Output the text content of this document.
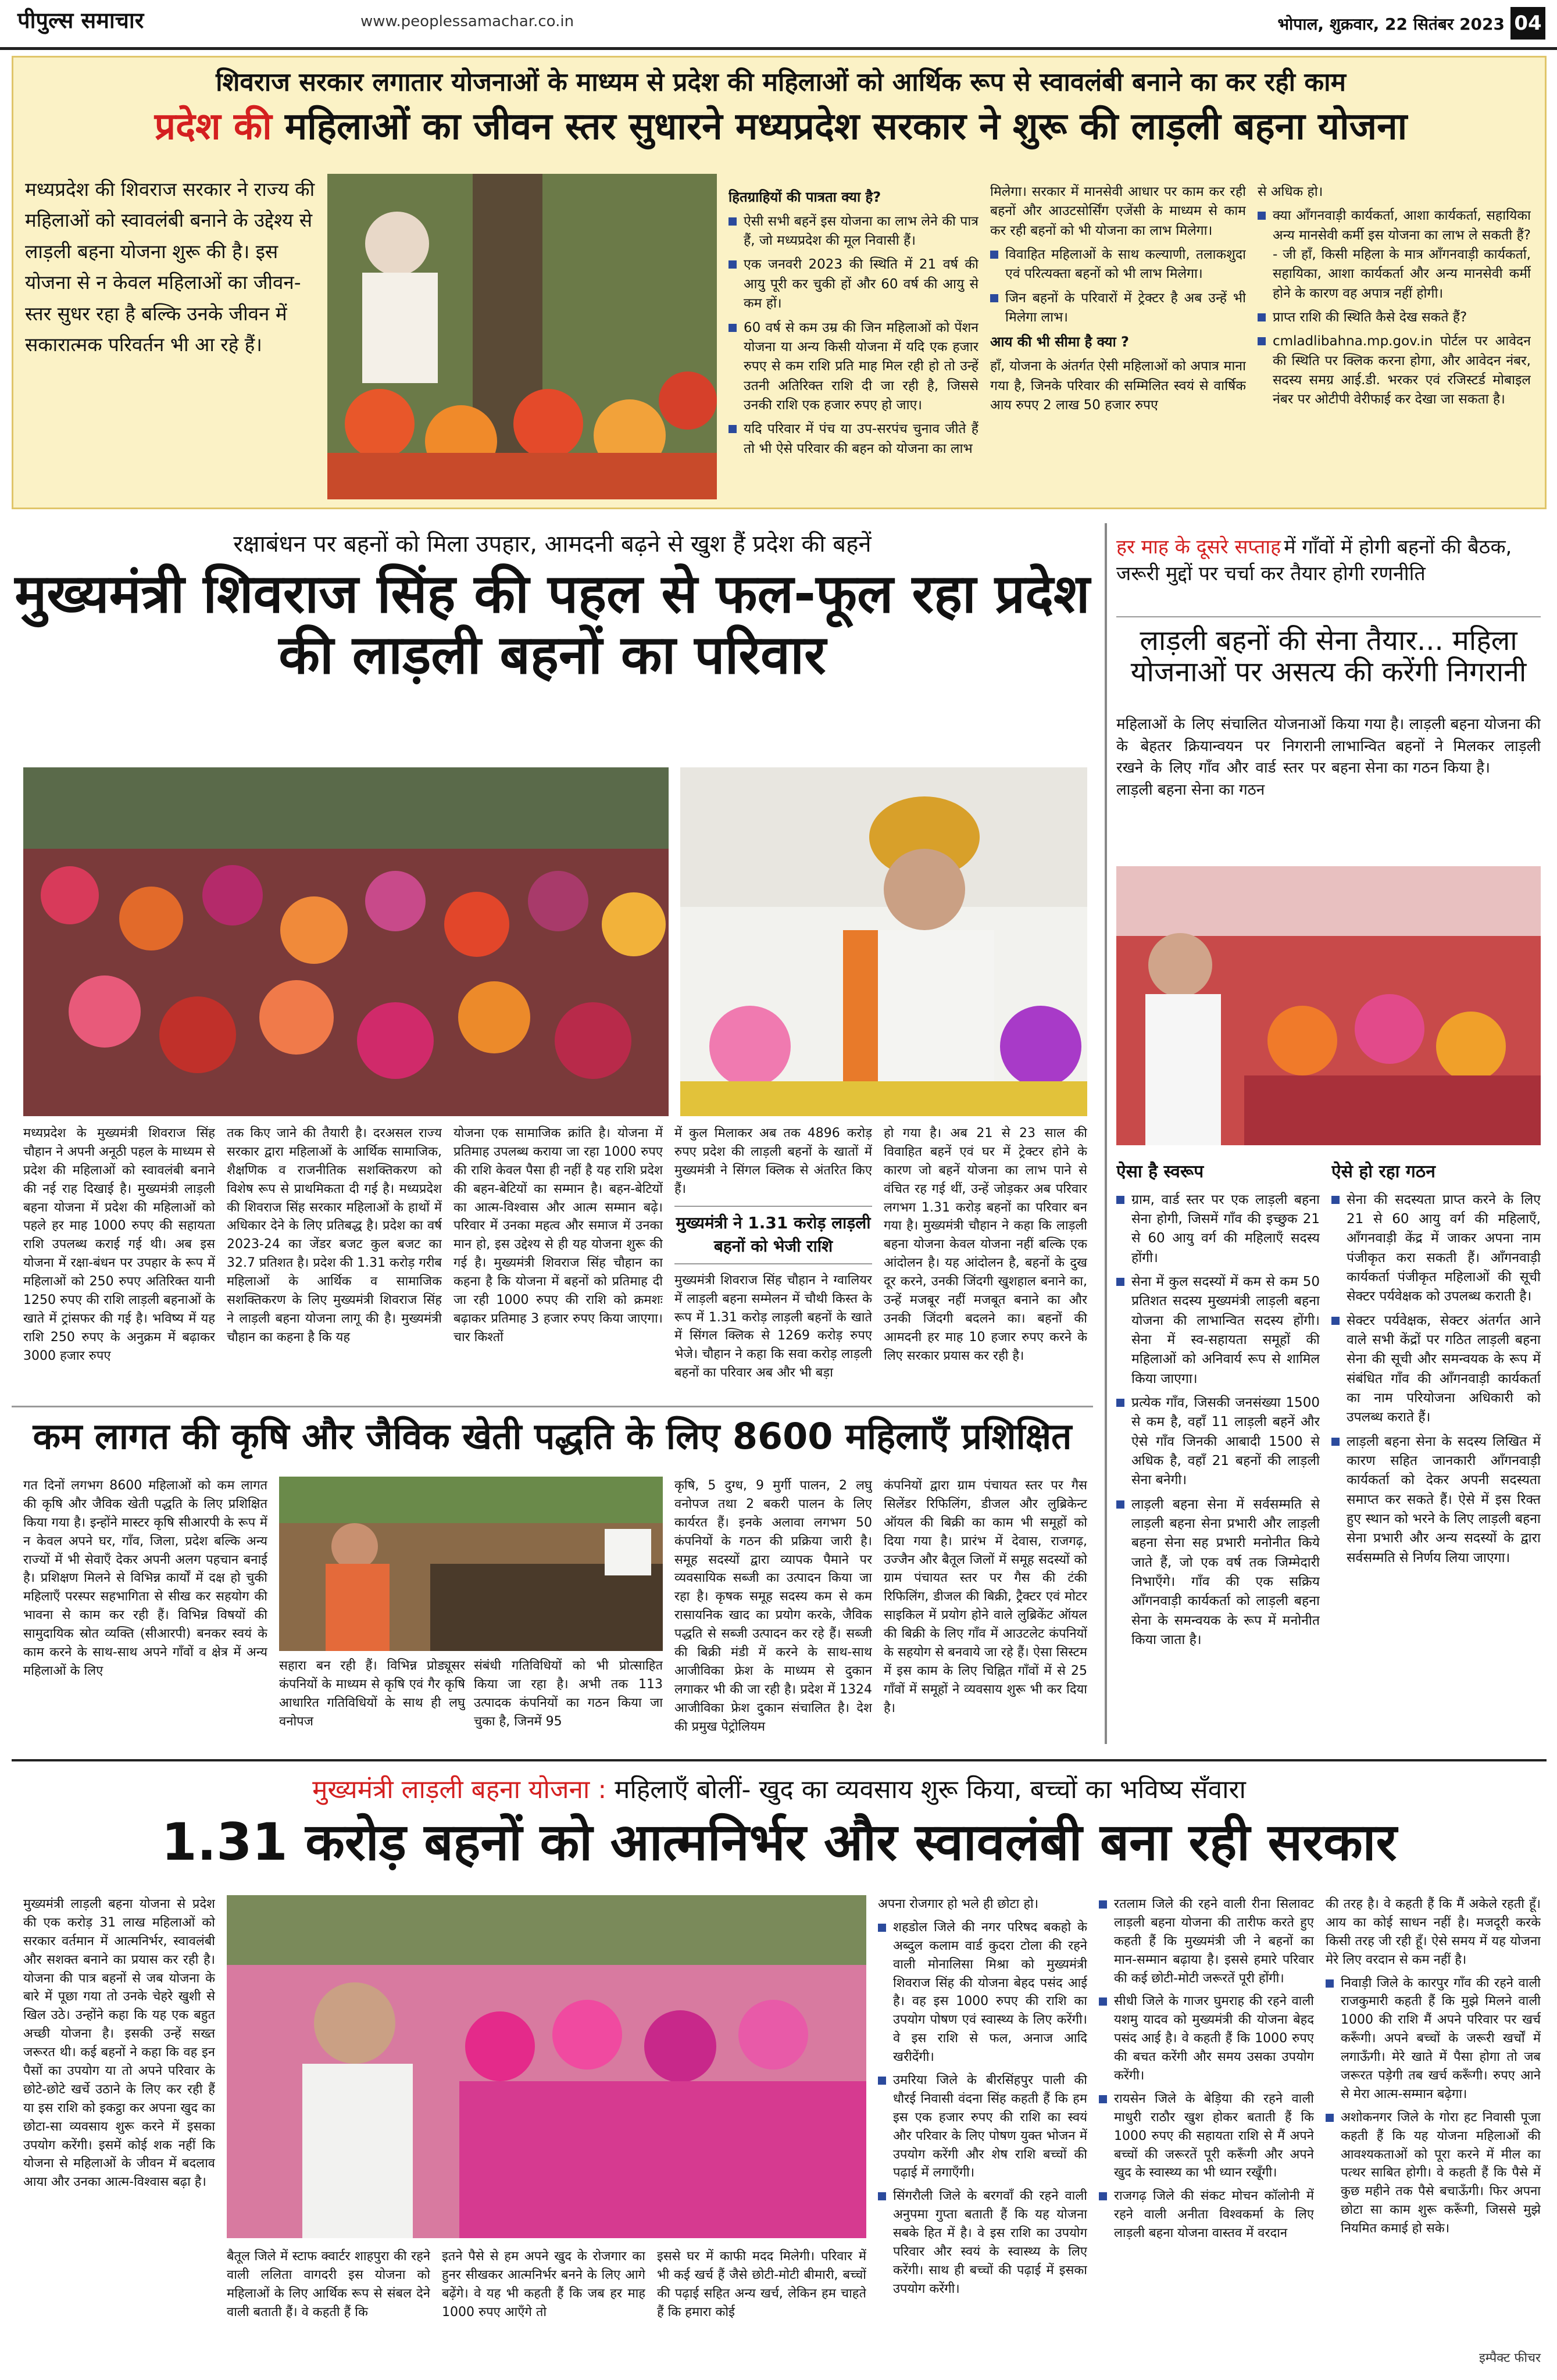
पीपुल्स समाचार	www.peoplessamachar.co.in	भोपाल, शुक्रवार, 22 सितंबर 2023 04
शिवराज सरकार लगातार योजनाओं के माध्यम से प्रदेश की महिलाओं को आर्थिक रूप से स्वावलंबी बनाने का कर रही काम
प्रदेश की महिलाओं का जीवन स्तर सुधारने मध्यप्रदेश सरकार ने शुरू की लाड़ली बहना योजना
मध्यप्रदेश की शिवराज सरकार ने राज्य की महिलाओं को स्वावलंबी बनाने के उद्देश्य से लाड़ली बहना योजना शुरू की है। इस योजना से न केवल महिलाओं का जीवन-स्तर सुधर रहा है बल्कि उनके जीवन में सकारात्मक परिवर्तन भी आ रहे हैं।
हितग्राहियों की पात्रता क्या है?
ऐसी सभी बहनें इस योजना का लाभ लेने की पात्र हैं, जो मध्यप्रदेश की मूल निवासी हैं।
एक जनवरी 2023 की स्थिति में 21 वर्ष की आयु पूरी कर चुकी हों और 60 वर्ष की आयु से कम हों।
60 वर्ष से कम उम्र की जिन महिलाओं को पेंशन योजना या अन्य किसी योजना में यदि एक हजार रुपए से कम राशि प्रति माह मिल रही हो तो उन्हें उतनी अतिरिक्त राशि दी जा रही है, जिससे उनकी राशि एक हजार रुपए हो जाए।
यदि परिवार में पंच या उप-सरपंच चुनाव जीते हैं तो भी ऐसे परिवार की बहन को योजना का लाभ
मिलेगा। सरकार में मानसेवी आधार पर काम कर रही बहनों और आउटसोर्सिंग एजेंसी के माध्यम से काम कर रही बहनों को भी योजना का लाभ मिलेगा।
विवाहित महिलाओं के साथ कल्याणी, तलाकशुदा एवं परित्यक्ता बहनों को भी लाभ मिलेगा।
जिन बहनों के परिवारों में ट्रेक्टर है अब उन्हें भी मिलेगा लाभ।
आय की भी सीमा है क्या ?
हाँ, योजना के अंतर्गत ऐसी महिलाओं को अपात्र माना गया है, जिनके परिवार की सम्मिलित स्वयं से वार्षिक आय रुपए 2 लाख 50 हजार रुपए
से अधिक हो।
क्या आँगनवाड़ी कार्यकर्ता, आशा कार्यकर्ता, सहायिका अन्य मानसेवी कर्मी इस योजना का लाभ ले सकती हैं? - जी हाँ, किसी महिला के मात्र आँगनवाड़ी कार्यकर्ता, सहायिका, आशा कार्यकर्ता और अन्य मानसेवी कर्मी होने के कारण वह अपात्र नहीं होगी।
प्राप्त राशि की स्थिति कैसे देख सकते हैं?
cmladlibahna.mp.gov.in पोर्टल पर आवेदन की स्थिति पर क्लिक करना होगा, और आवेदन नंबर, सदस्य समग्र आई.डी. भरकर एवं रजिस्टर्ड मोबाइल नंबर पर ओटीपी वेरीफाई कर देखा जा सकता है।
रक्षाबंधन पर बहनों को मिला उपहार, आमदनी बढ़ने से खुश हैं प्रदेश की बहनें
मुख्यमंत्री शिवराज सिंह की पहल से फल-फूल रहा प्रदेश की लाड़ली बहनों का परिवार
मध्यप्रदेश के मुख्यमंत्री शिवराज सिंह चौहान ने अपनी अनूठी पहल के माध्यम से प्रदेश की महिलाओं को स्वावलंबी बनाने की नई राह दिखाई है। मुख्यमंत्री लाड़ली बहना योजना में प्रदेश की महिलाओं को पहले हर माह 1000 रुपए की सहायता राशि उपलब्ध कराई गई थी। अब इस योजना में रक्षा-बंधन पर उपहार के रूप में महिलाओं को 250 रुपए अतिरिक्त यानी 1250 रुपए की राशि लाड़ली बहनाओं के खाते में ट्रांसफर की गई है। भविष्य में यह राशि 250 रुपए के अनुक्रम में बढ़ाकर 3000 हजार रुपए
तक किए जाने की तैयारी है। दरअसल राज्य सरकार द्वारा महिलाओं के आर्थिक सामाजिक, शैक्षणिक व राजनीतिक सशक्तिकरण को विशेष रूप से प्राथमिकता दी गई है। मध्यप्रदेश की शिवराज सिंह सरकार महिलाओं के हाथों में अधिकार देने के लिए प्रतिबद्ध है। प्रदेश का वर्ष 2023-24 का जेंडर बजट कुल बजट का 32.7 प्रतिशत है। प्रदेश की 1.31 करोड़ गरीब महिलाओं के आर्थिक व सामाजिक सशक्तिकरण के लिए मुख्यमंत्री शिवराज सिंह ने लाड़ली बहना योजना लागू की है। मुख्यमंत्री चौहान का कहना है कि यह
योजना एक सामाजिक क्रांति है। योजना में प्रतिमाह उपलब्ध कराया जा रहा 1000 रुपए की राशि केवल पैसा ही नहीं है यह राशि प्रदेश की बहन-बेटियों का सम्मान है। बहन-बेटियों का आत्म-विश्वास और आत्म सम्मान बढ़े। परिवार में उनका महत्व और समाज में उनका मान हो, इस उद्देश्य से ही यह योजना शुरू की गई है। मुख्यमंत्री शिवराज सिंह चौहान का कहना है कि योजना में बहनों को प्रतिमाह दी जा रही 1000 रुपए की राशि को क्रमशः बढ़ाकर प्रतिमाह 3 हजार रुपए किया जाएगा। चार किश्तों
में कुल मिलाकर अब तक 4896 करोड़ रुपए प्रदेश की लाड़ली बहनों के खातों में मुख्यमंत्री ने सिंगल क्लिक से अंतरित किए हैं।
मुख्यमंत्री ने 1.31 करोड़ लाड़ली बहनों को भेजी राशि
मुख्यमंत्री शिवराज सिंह चौहान ने ग्वालियर में लाड़ली बहना सम्मेलन में चौथी किस्त के रूप में 1.31 करोड़ लाड़ली बहनों के खाते में सिंगल क्लिक से 1269 करोड़ रुपए भेजे। चौहान ने कहा कि सवा करोड़ लाड़ली बहनों का परिवार अब और भी बड़ा
हो गया है। अब 21 से 23 साल की विवाहित बहनें एवं घर में ट्रेक्टर होने के कारण जो बहनें योजना का लाभ पाने से वंचित रह गई थीं, उन्हें जोड़कर अब परिवार लगभग 1.31 करोड़ बहनों का परिवार बन गया है। मुख्यमंत्री चौहान ने कहा कि लाड़ली बहना योजना केवल योजना नहीं बल्कि एक आंदोलन है। यह आंदोलन है, बहनों के दुख दूर करने, उनकी जिंदगी खुशहाल बनाने का, उन्हें मजबूर नहीं मजबूत बनाने का और उनकी जिंदगी बदलने का। बहनों की आमदनी हर माह 10 हजार रुपए करने के लिए सरकार प्रयास कर रही है।
हर माह के दूसरे सप्ताह में गाँवों में होगी बहनों की बैठक, जरूरी मुद्दों पर चर्चा कर तैयार होगी रणनीति
लाड़ली बहनों की सेना तैयार... महिला योजनाओं पर असत्य की करेंगी निगरानी
महिलाओं के लिए संचालित योजनाओं के बेहतर क्रियान्वयन पर निगरानी रखने के लिए गाँव और वार्ड स्तर पर लाड़ली बहना सेना का गठन
किया गया है। लाड़ली बहना योजना की लाभान्वित बहनों ने मिलकर लाड़ली बहना सेना का गठन किया है।
ऐसा है स्वरूप
ग्राम, वार्ड स्तर पर एक लाड़ली बहना सेना होगी, जिसमें गाँव की इच्छुक 21 से 60 आयु वर्ग की महिलाएँ सदस्य होंगी।
सेना में कुल सदस्यों में कम से कम 50 प्रतिशत सदस्य मुख्यमंत्री लाड़ली बहना योजना की लाभान्वित सदस्य होंगी। सेना में स्व-सहायता समूहों की महिलाओं को अनिवार्य रूप से शामिल किया जाएगा।
प्रत्येक गाँव, जिसकी जनसंख्या 1500 से कम है, वहाँ 11 लाड़ली बहनें और ऐसे गाँव जिनकी आबादी 1500 से अधिक है, वहाँ 21 बहनों की लाड़ली सेना बनेगी।
लाड़ली बहना सेना में सर्वसम्मति से लाड़ली बहना सेना प्रभारी और लाड़ली बहना सेना सह प्रभारी मनोनीत किये जाते हैं, जो एक वर्ष तक जिम्मेदारी निभाएँगे। गाँव की एक सक्रिय आँगनवाड़ी कार्यकर्ता को लाड़ली बहना सेना के समन्वयक के रूप में मनोनीत किया जाता है।
ऐसे हो रहा गठन
सेना की सदस्यता प्राप्त करने के लिए 21 से 60 आयु वर्ग की महिलाएँ, आँगनवाड़ी केंद्र में जाकर अपना नाम पंजीकृत करा सकती हैं। आँगनवाड़ी कार्यकर्ता पंजीकृत महिलाओं की सूची सेक्टर पर्यवेक्षक को उपलब्ध कराती है।
सेक्टर पर्यवेक्षक, सेक्टर अंतर्गत आने वाले सभी केंद्रों पर गठित लाड़ली बहना सेना की सूची और समन्वयक के रूप में संबंधित गाँव की आँगनवाड़ी कार्यकर्ता का नाम परियोजना अधिकारी को उपलब्ध कराते हैं।
लाड़ली बहना सेना के सदस्य लिखित में कारण सहित जानकारी आँगनवाड़ी कार्यकर्ता को देकर अपनी सदस्यता समाप्त कर सकते हैं। ऐसे में इस रिक्त हुए स्थान को भरने के लिए लाड़ली बहना सेना प्रभारी और अन्य सदस्यों के द्वारा सर्वसम्मति से निर्णय लिया जाएगा।
कम लागत की कृषि और जैविक खेती पद्धति के लिए 8600 महिलाएँ प्रशिक्षित
गत दिनों लगभग 8600 महिलाओं को कम लागत की कृषि और जैविक खेती पद्धति के लिए प्रशिक्षित किया गया है। इन्होंने मास्टर कृषि सीआरपी के रूप में न केवल अपने घर, गाँव, जिला, प्रदेश बल्कि अन्य राज्यों में भी सेवाएँ देकर अपनी अलग पहचान बनाई है। प्रशिक्षण मिलने से विभिन्न कार्यों में दक्ष हो चुकी महिलाएँ परस्पर सहभागिता से सीख कर सहयोग की भावना से काम कर रही हैं। विभिन्न विषयों की सामुदायिक स्रोत व्यक्ति (सीआरपी) बनकर स्वयं के काम करने के साथ-साथ अपने गाँवों व क्षेत्र में अन्य महिलाओं के लिए	सहारा बन रही हैं। विभिन्न प्रोड्यूसर कंपनियों के माध्यम से कृषि एवं गैर कृषि आधारित गतिविधियों के साथ ही लघु वनोपज
संबंधी गतिविधियों को भी प्रोत्साहित किया जा रहा है। अभी तक 113 उत्पादक कंपनियों का गठन किया जा चुका है, जिनमें 95
कृषि, 5 दुग्ध, 9 मुर्गी पालन, 2 लघु वनोपज तथा 2 बकरी पालन के लिए कार्यरत हैं। इनके अलावा लगभग 50 कंपनियों के गठन की प्रक्रिया जारी है। समूह सदस्यों द्वारा व्यापक पैमाने पर व्यवसायिक सब्जी का उत्पादन किया जा रहा है। कृषक समूह सदस्य कम से कम रासायनिक खाद का प्रयोग करके, जैविक पद्धति से सब्जी उत्पादन कर रहे हैं। सब्जी की बिक्री मंडी में करने के साथ-साथ आजीविका फ्रेश के माध्यम से दुकान लगाकर भी की जा रही है। प्रदेश में 1324 आजीविका फ्रेश दुकान संचालित है। देश की प्रमुख पेट्रोलियम
कंपनियों द्वारा ग्राम पंचायत स्तर पर गैस सिलेंडर रिफिलिंग, डीजल और लुब्रिकेन्ट ऑयल की बिक्री का काम भी समूहों को दिया गया है। प्रारंभ में देवास, राजगढ़, उज्जैन और बैतूल जिलों में समूह सदस्यों को ग्राम पंचायत स्तर पर गैस की टंकी रिफिलिंग, डीजल की बिक्री, ट्रैक्टर एवं मोटर साइकिल में प्रयोग होने वाले लुब्रिकेंट ऑयल की बिक्री के लिए गाँव में आउटलेट कंपनियों के सहयोग से बनवाये जा रहे हैं। ऐसा सिस्टम में इस काम के लिए चिह्नित गाँवों में से 25 गाँवों में समूहों ने व्यवसाय शुरू भी कर दिया है।
मुख्यमंत्री लाड़ली बहना योजना : महिलाएँ बोलीं- खुद का व्यवसाय शुरू किया, बच्चों का भविष्य सँवारा
1.31 करोड़ बहनों को आत्मनिर्भर और स्वावलंबी बना रही सरकार
मुख्यमंत्री लाड़ली बहना योजना से प्रदेश की एक करोड़ 31 लाख महिलाओं को सरकार वर्तमान में आत्मनिर्भर, स्वावलंबी और सशक्त बनाने का प्रयास कर रही है। योजना की पात्र बहनों से जब योजना के बारे में पूछा गया तो उनके चेहरे खुशी से खिल उठे। उन्होंने कहा कि यह एक बहुत अच्छी योजना है। इसकी उन्हें सख्त जरूरत थी। कई बहनों ने कहा कि वह इन पैसों का उपयोग या तो अपने परिवार के छोटे-छोटे खर्चे उठाने के लिए कर रही हैं या इस राशि को इकट्ठा कर अपना खुद का छोटा-सा व्यवसाय शुरू करने में इसका उपयोग करेंगी। इसमें कोई शक नहीं कि योजना से महिलाओं के जीवन में बदलाव आया और उनका आत्म-विश्वास बढ़ा है।
बैतूल जिले में स्टाफ क्वार्टर शाहपुरा की रहने वाली ललिता वागदरी इस योजना को महिलाओं के लिए आर्थिक रूप से संबल देने वाली बताती हैं। वे कहती हैं कि
इतने पैसे से हम अपने खुद के रोजगार का हुनर सीखकर आत्मनिर्भर बनने के लिए आगे बढ़ेंगे। वे यह भी कहती हैं कि जब हर माह 1000 रुपए आएँगे तो
इससे घर में काफी मदद मिलेगी। परिवार में भी कई खर्च हैं जैसे छोटी-मोटी बीमारी, बच्चों की पढ़ाई सहित अन्य खर्च, लेकिन हम चाहते हैं कि हमारा कोई
अपना रोजगार हो भले ही छोटा हो।
शहडोल जिले की नगर परिषद बकहो के अब्दुल कलाम वार्ड कुदरा टोला की रहने वाली मोनालिसा मिश्रा को मुख्यमंत्री शिवराज सिंह की योजना बेहद पसंद आई है। वह इस 1000 रुपए की राशि का उपयोग पोषण एवं स्वास्थ्य के लिए करेंगी। वे इस राशि से फल, अनाज आदि खरीदेंगी।
उमरिया जिले के बीरसिंहपुर पाली की धौरई निवासी वंदना सिंह कहती हैं कि हम इस एक हजार रुपए की राशि का स्वयं और परिवार के लिए पोषण युक्त भोजन में उपयोग करेंगी और शेष राशि बच्चों की पढ़ाई में लगाएँगी।
सिंगरौली जिले के बरगवाँ की रहने वाली अनुपमा गुप्ता बताती हैं कि यह योजना सबके हित में है। वे इस राशि का उपयोग परिवार और स्वयं के स्वास्थ्य के लिए करेंगी। साथ ही बच्चों की पढ़ाई में इसका उपयोग करेंगी।
रतलाम जिले की रहने वाली रीना सिलावट लाड़ली बहना योजना की तारीफ करते हुए कहती हैं कि मुख्यमंत्री जी ने बहनों का मान-सम्मान बढ़ाया है। इससे हमारे परिवार की कई छोटी-मोटी जरूरतें पूरी होंगी।
सीधी जिले के गाजर घुमराह की रहने वाली यशमु यादव को मुख्यमंत्री की योजना बेहद पसंद आई है। वे कहती हैं कि 1000 रुपए की बचत करेंगी और समय उसका उपयोग करेंगी।
रायसेन जिले के बेड़िया की रहने वाली माधुरी राठौर खुश होकर बताती हैं कि 1000 रुपए की सहायता राशि से मैं अपने बच्चों की जरूरतें पूरी करूँगी और अपने खुद के स्वास्थ्य का भी ध्यान रखूँगी।
राजगढ़ जिले की संकट मोचन कॉलोनी में रहने वाली अनीता विश्वकर्मा के लिए लाड़ली बहना योजना वास्तव में वरदान
की तरह है। वे कहती हैं कि मैं अकेले रहती हूँ। आय का कोई साधन नहीं है। मजदूरी करके किसी तरह जी रही हूँ। ऐसे समय में यह योजना मेरे लिए वरदान से कम नहीं है।
निवाड़ी जिले के कारपुर गाँव की रहने वाली राजकुमारी कहती हैं कि मुझे मिलने वाली 1000 की राशि मैं अपने परिवार पर खर्च करूँगी। अपने बच्चों के जरूरी खर्चों में लगाऊँगी। मेरे खाते में पैसा होगा तो जब जरूरत पड़ेगी तब खर्च करूँगी। रुपए आने से मेरा आत्म-सम्मान बढ़ेगा।
अशोकनगर जिले के गोरा हट निवासी पूजा कहती हैं कि यह योजना महिलाओं की आवश्यकताओं को पूरा करने में मील का पत्थर साबित होगी। वे कहती हैं कि पैसे में कुछ महीने तक पैसे बचाऊँगी। फिर अपना छोटा सा काम शुरू करूँगी, जिससे मुझे नियमित कमाई हो सके।
इम्पैक्ट फीचर
